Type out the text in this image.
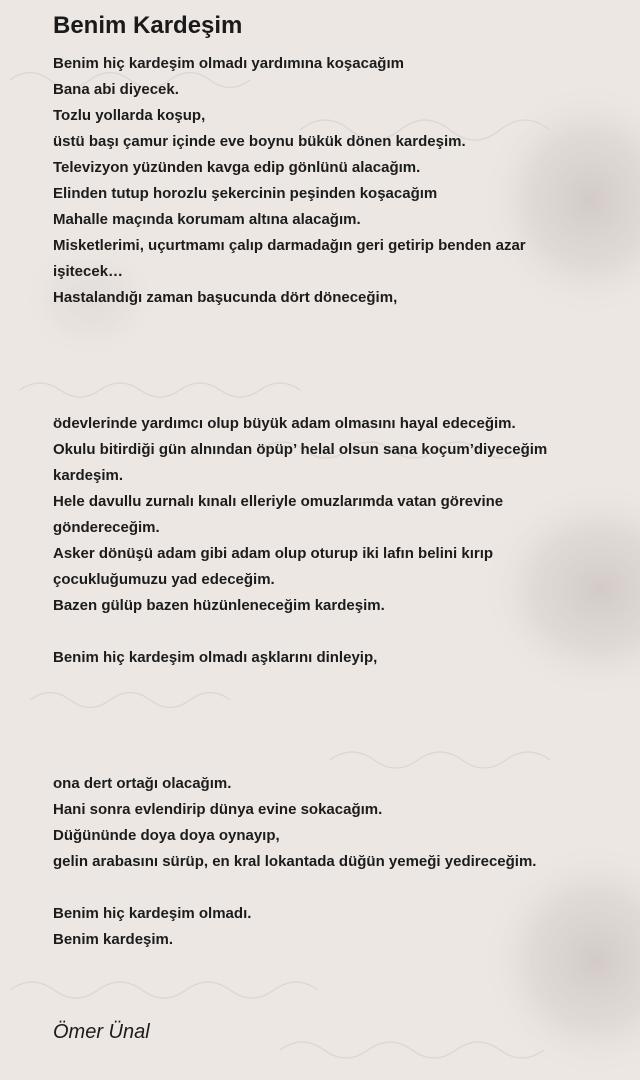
Benim Kardeşim
Benim hiç kardeşim olmadı yardımına koşacağım
Bana abi diyecek.
Tozlu yollarda koşup,
üstü başı çamur içinde eve boynu bükük dönen kardeşim.
Televizyon yüzünden kavga edip gönlünü alacağım.
Elinden tutup horozlu şekercinin peşinden koşacağım
Mahalle maçında korumam altına alacağım.
Misketlerimi, uçurtmamı çalıp darmadağın geri getirip benden azar
işitecek…
Hastalandığı zaman başucunda dört döneceğim,
ödevlerinde yardımcı olup büyük adam olmasını hayal edeceğim.
Okulu bitirdiği gün alnından öpüp’ helal olsun sana koçum’diyeceğim
kardeşim.
Hele davullu zurnalı kınalı elleriyle omuzlarımda vatan görevine
göndereceğim.
Asker dönüşü adam gibi adam olup oturup iki lafın belini kırıp
çocukluğumuzu yad edeceğim.
Bazen gülüp bazen hüzünleneceğim kardeşim.
Benim hiç kardeşim olmadı aşklarını dinleyip,
ona dert ortağı olacağım.
Hani sonra evlendirip dünya evine sokacağım.
Düğününde doya doya oynayıp,
gelin arabasını sürüp, en kral lokantada düğün yemeği yedireceğim.
Benim hiç kardeşim olmadı.
Benim kardeşim.
Ömer Ünal
